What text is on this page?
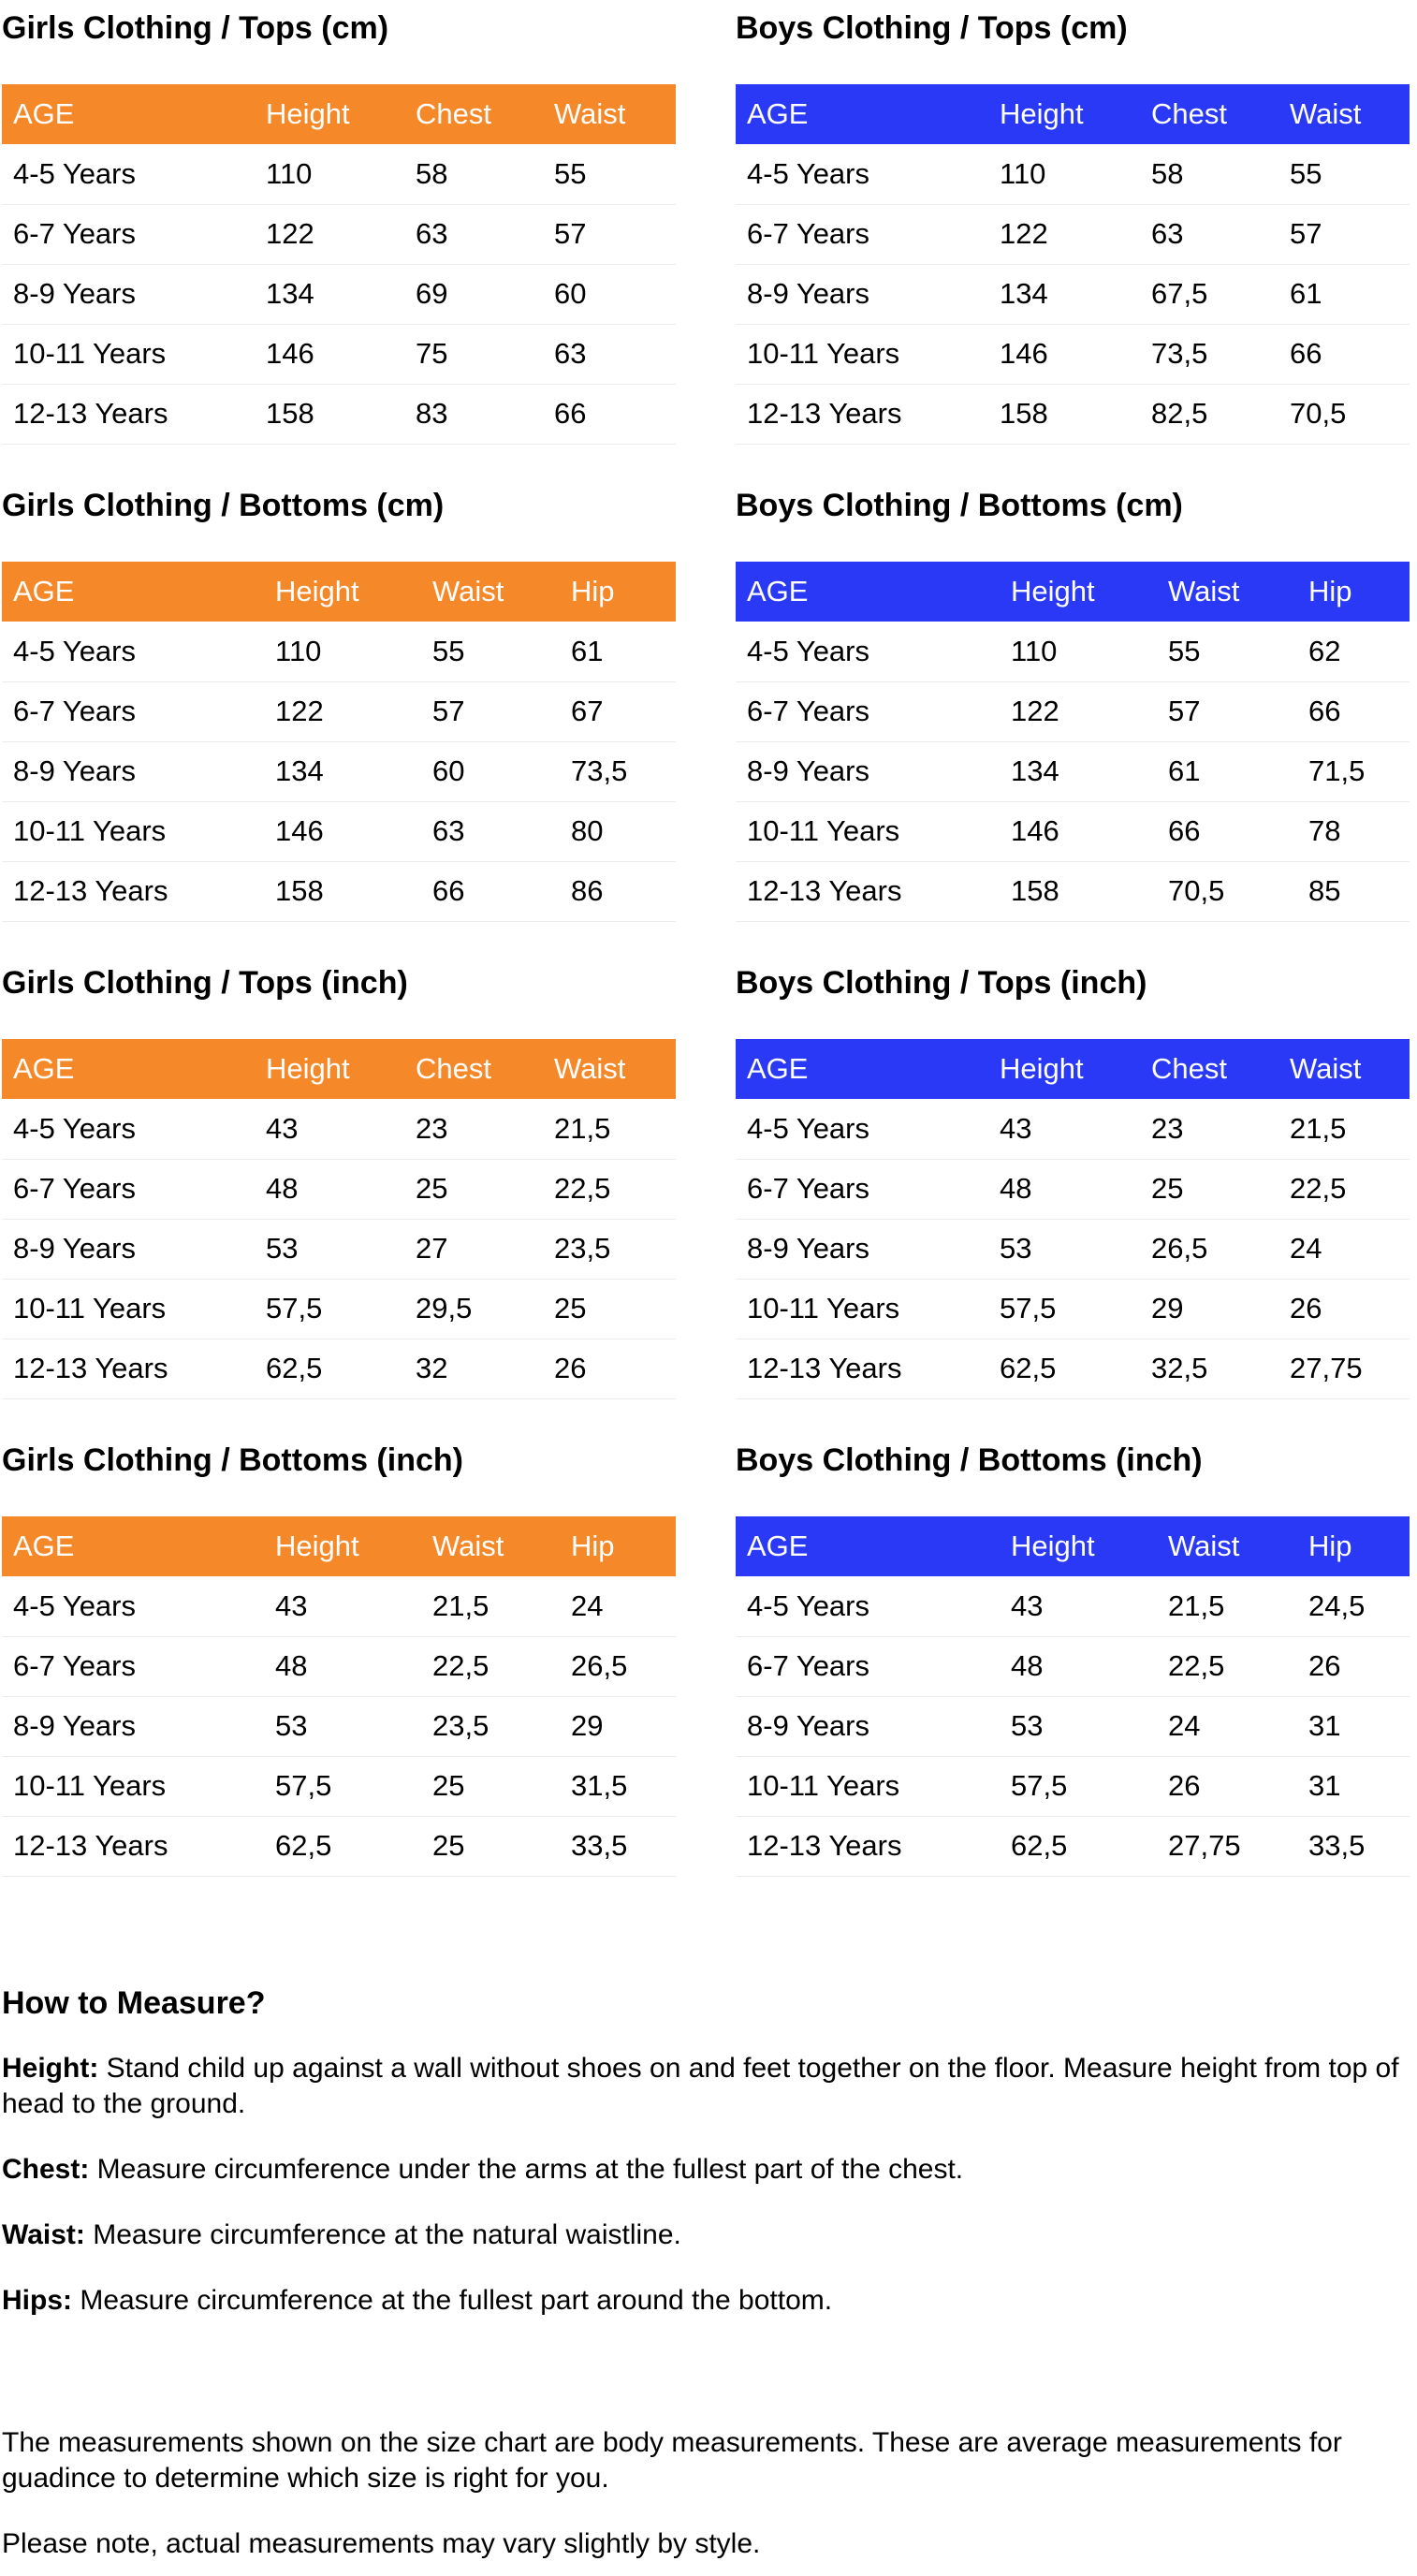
Girls Clothing / Tops (cm)
AGE	Height	Chest	Waist
4-5 Years	110	58	55
6-7 Years	122	63	57
8-9 Years	134	69	60
10-11 Years	146	75	63
12-13 Years	158	83	66
Boys Clothing / Tops (cm)
AGE	Height	Chest	Waist
4-5 Years	110	58	55
6-7 Years	122	63	57
8-9 Years	134	67,5	61
10-11 Years	146	73,5	66
12-13 Years	158	82,5	70,5
Girls Clothing / Bottoms (cm)
AGE	Height	Waist	Hip
4-5 Years	110	55	61
6-7 Years	122	57	67
8-9 Years	134	60	73,5
10-11 Years	146	63	80
12-13 Years	158	66	86
Boys Clothing / Bottoms (cm)
AGE	Height	Waist	Hip
4-5 Years	110	55	62
6-7 Years	122	57	66
8-9 Years	134	61	71,5
10-11 Years	146	66	78
12-13 Years	158	70,5	85
Girls Clothing / Tops (inch)
AGE	Height	Chest	Waist
4-5 Years	43	23	21,5
6-7 Years	48	25	22,5
8-9 Years	53	27	23,5
10-11 Years	57,5	29,5	25
12-13 Years	62,5	32	26
Boys Clothing / Tops (inch)
AGE	Height	Chest	Waist
4-5 Years	43	23	21,5
6-7 Years	48	25	22,5
8-9 Years	53	26,5	24
10-11 Years	57,5	29	26
12-13 Years	62,5	32,5	27,75
Girls Clothing / Bottoms (inch)
AGE	Height	Waist	Hip
4-5 Years	43	21,5	24
6-7 Years	48	22,5	26,5
8-9 Years	53	23,5	29
10-11 Years	57,5	25	31,5
12-13 Years	62,5	25	33,5
Boys Clothing / Bottoms (inch)
AGE	Height	Waist	Hip
4-5 Years	43	21,5	24,5
6-7 Years	48	22,5	26
8-9 Years	53	24	31
10-11 Years	57,5	26	31
12-13 Years	62,5	27,75	33,5
How to Measure?

Height: Stand child up against a wall without shoes on and feet together on the floor. Measure height from top of head to the ground.

Chest: Measure circumference under the arms at the fullest part of the chest.

Waist: Measure circumference at the natural waistline.

Hips: Measure circumference at the fullest part around the bottom.

The measurements shown on the size chart are body measurements. These are average measurements for guadince to determine which size is right for you.

Please note, actual measurements may vary slightly by style.
